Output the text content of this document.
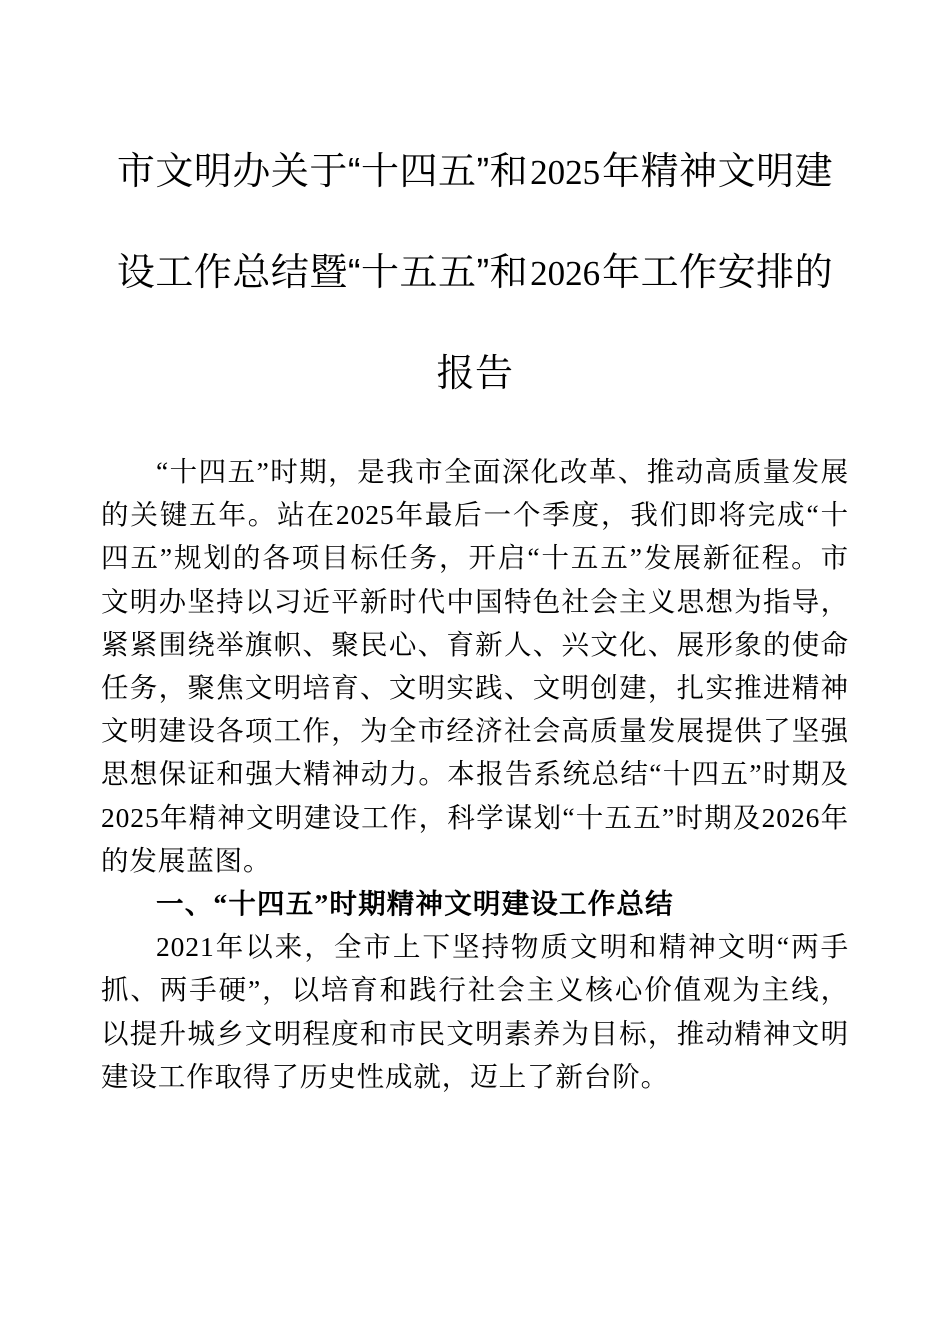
市文明办关于“十四五”和2025年精神文明建设工作总结暨“十五五”和2026年工作安排的报告

“十四五”时期，是我市全面深化改革、推动高质量发展的关键五年。站在2025年最后一个季度，我们即将完成“十四五”规划的各项目标任务，开启“十五五”发展新征程。市文明办坚持以习近平新时代中国特色社会主义思想为指导，紧紧围绕举旗帜、聚民心、育新人、兴文化、展形象的使命任务，聚焦文明培育、文明实践、文明创建，扎实推进精神文明建设各项工作，为全市经济社会高质量发展提供了坚强思想保证和强大精神动力。本报告系统总结“十四五”时期及2025年精神文明建设工作，科学谋划“十五五”时期及2026年的发展蓝图。

一、“十四五”时期精神文明建设工作总结

2021年以来，全市上下坚持物质文明和精神文明“两手抓、两手硬”，以培育和践行社会主义核心价值观为主线，以提升城乡文明程度和市民文明素养为目标，推动精神文明建设工作取得了历史性成就，迈上了新台阶。
